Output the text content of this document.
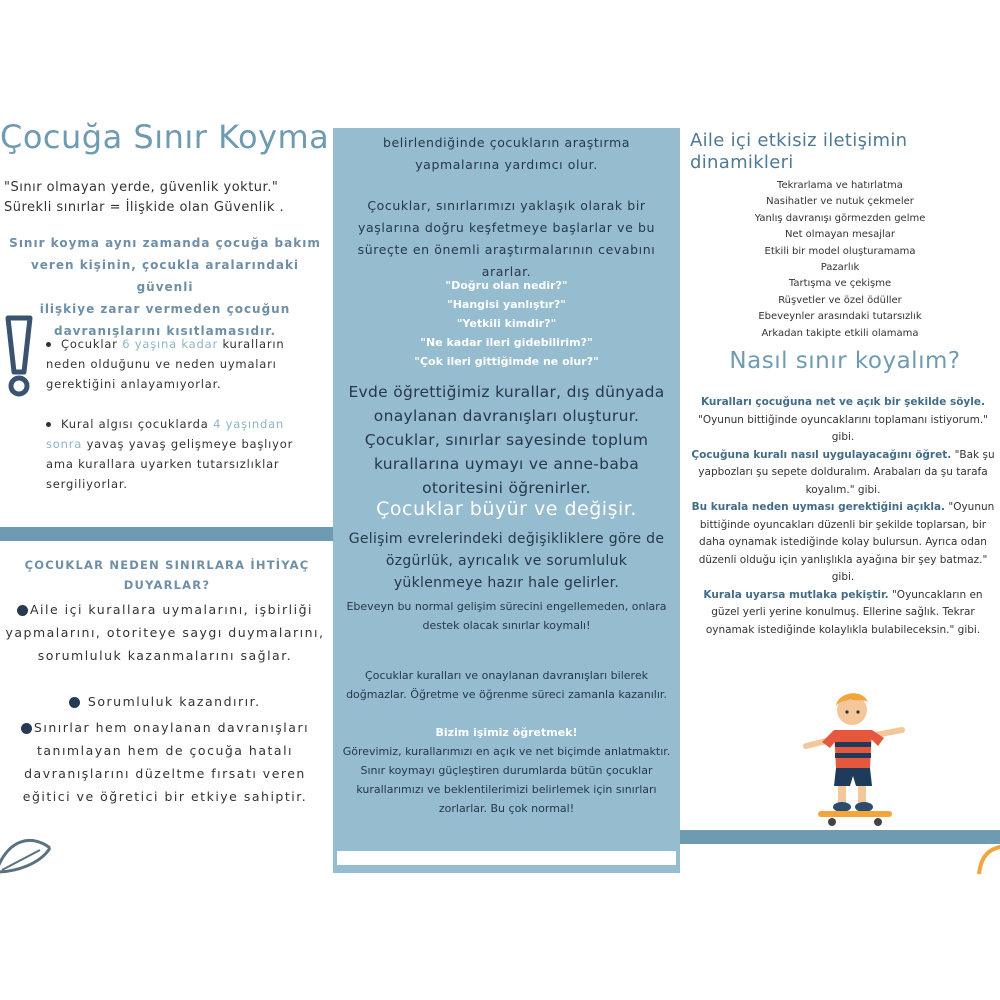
Çocuğa Sınır Koyma
"Sınır olmayan yerde, güvenlik yoktur."
Sürekli sınırlar = İlişkide olan Güvenlik .
Sınır koyma aynı zamanda çocuğa bakım
veren kişinin, çocukla aralarındaki güvenli
ilişkiye zarar vermeden çocuğun
davranışlarını kısıtlamasıdır.
Çocuklar 6 yaşına kadar kuralların neden olduğunu ve neden uymaları gerektiğini anlayamıyorlar.
Kural algısı çocuklarda 4 yaşından sonra yavaş yavaş gelişmeye başlıyor ama kurallara uyarken tutarsızlıklar sergiliyorlar.
ÇOCUKLAR NEDEN SINIRLARA İHTİYAÇ DUYARLAR?
Aile içi kurallara uymalarını, işbirliği yapmalarını, otoriteye saygı duymalarını, sorumluluk kazanmalarını sağlar.
Sorumluluk kazandırır.
Sınırlar hem onaylanan davranışları tanımlayan hem de çocuğa hatalı davranışlarını düzeltme fırsatı veren eğitici ve öğretici bir etkiye sahiptir.
belirlendiğinde çocukların araştırma yapmalarına yardımcı olur.
Çocuklar, sınırlarımızı yaklaşık olarak bir yaşlarına doğru keşfetmeye başlarlar ve bu süreçte en önemli araştırmalarının cevabını ararlar.
"Doğru olan nedir?"
"Hangisi yanlıştır?"
"Yetkili kimdir?"
"Ne kadar ileri gidebilirim?"
"Çok ileri gittiğimde ne olur?"
Evde öğrettiğimiz kurallar, dış dünyada onaylanan davranışları oluşturur. Çocuklar, sınırlar sayesinde toplum kurallarına uymayı ve anne-baba otoritesini öğrenirler.
Çocuklar büyür ve değişir.
Gelişim evrelerindeki değişikliklere göre de özgürlük, ayrıcalık ve sorumluluk yüklenmeye hazır hale gelirler.
Ebeveyn bu normal gelişim sürecini engellemeden, onlara destek olacak sınırlar koymalı!
Çocuklar kuralları ve onaylanan davranışları bilerek doğmazlar. Öğretme ve öğrenme süreci zamanla kazanılır.
Bizim işimiz öğretmek!
Görevimiz, kurallarımızı en açık ve net biçimde anlatmaktır. Sınır koymayı güçleştiren durumlarda bütün çocuklar kurallarımızı ve beklentilerimizi belirlemek için sınırları zorlarlar. Bu çok normal!
Aile içi etkisiz iletişimin dinamikleri
Tekrarlama ve hatırlatma
Nasihatler ve nutuk çekmeler
Yanlış davranışı görmezden gelme
Net olmayan mesajlar
Etkili bir model oluşturamama
Pazarlık
Tartışma ve çekişme
Rüşvetler ve özel ödüller
Ebeveynler arasındaki tutarsızlık
Arkadan takipte etkili olamama
Nasıl sınır koyalım?
Kuralları çocuğuna net ve açık bir şekilde söyle. "Oyunun bittiğinde oyuncaklarını toplamanı istiyorum." gibi.
Çocuğuna kuralı nasıl uygulayacağını öğret. "Bak şu yapbozları şu sepete dolduralım. Arabaları da şu tarafa koyalım." gibi.
Bu kurala neden uyması gerektiğini açıkla. "Oyunun bittiğinde oyuncakları düzenli bir şekilde toplarsan, bir daha oynamak istediğinde kolay bulursun. Ayrıca odan düzenli olduğu için yanlışlıkla ayağına bir şey batmaz." gibi.
Kurala uyarsa mutlaka pekiştir. "Oyuncakların en güzel yerli yerine konulmuş. Ellerine sağlık. Tekrar oynamak istediğinde kolaylıkla bulabileceksin." gibi.
